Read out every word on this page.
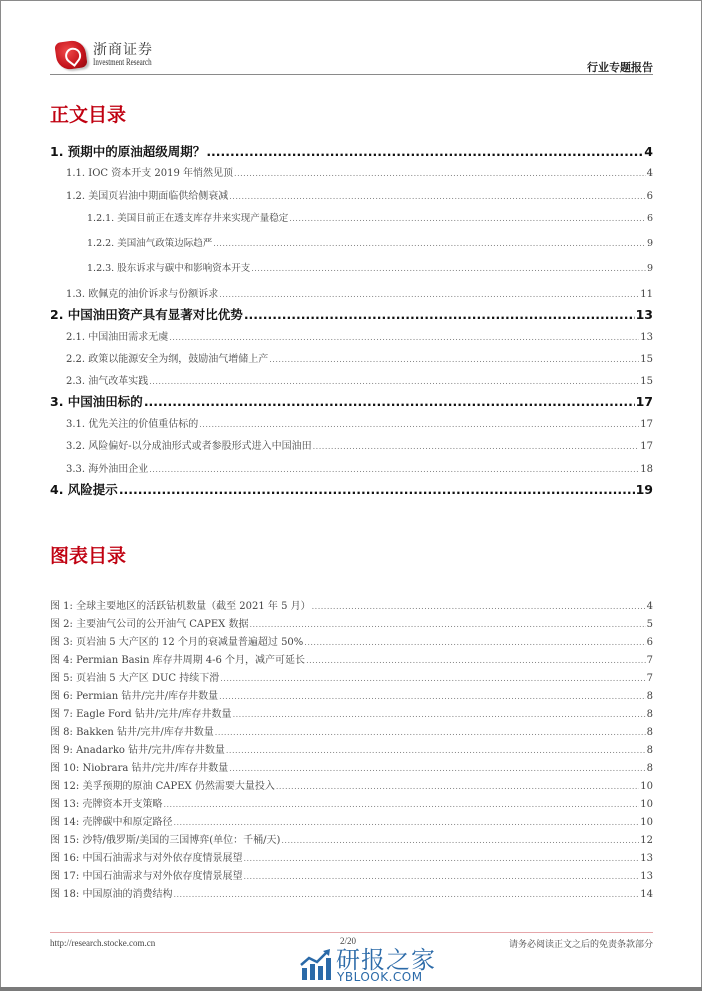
浙商证券
Investment Research	行业专题报告
正文目录
1. 预期中的原油超级周期？ .....	4
1.1. IOC 资本开支 2019 年悄然见顶 .....	4
1.2. 美国页岩油中期面临供给侧衰减 .....	6
1.2.1. 美国目前正在透支库存井来实现产量稳定 .....	6
1.2.2. 美国油气政策边际趋严 .....	9
1.2.3. 股东诉求与碳中和影响资本开支 .....	9
1.3. 欧佩克的油价诉求与份额诉求 .....	11
2. 中国油田资产具有显著对比优势 .....	13
2.1. 中国油田需求无虞 .....	13
2.2. 政策以能源安全为纲，鼓励油气增储上产 .....	15
2.3. 油气改革实践 .....	15
3. 中国油田标的 .....	17
3.1. 优先关注的价值重估标的 .....	17
3.2. 风险偏好-以分成油形式或者参股形式进入中国油田 .....	17
3.3. 海外油田企业 .....	18
4. 风险提示 .....	19
图表目录
图 1: 全球主要地区的活跃钻机数量（截至 2021 年 5 月） .....	4
图 2: 主要油气公司的公开油气 CAPEX 数据 .....	5
图 3: 页岩油 5 大产区的 12 个月的衰减量普遍超过 50% .....	6
图 4: Permian Basin 库存井周期 4-6 个月，减产可延长 .....	7
图 5: 页岩油 5 大产区 DUC 持续下滑 .....	7
图 6: Permian 钻井/完井/库存井数量 .....	8
图 7: Eagle Ford 钻井/完井/库存井数量 .....	8
图 8: Bakken 钻井/完井/库存井数量 .....	8
图 9: Anadarko 钻井/完井/库存井数量 .....	8
图 10: Niobrara 钻井/完井/库存井数量 .....	8
图 12: 美孚预期的原油 CAPEX 仍然需要大量投入 .....	10
图 13: 壳牌资本开支策略 .....	10
图 14: 壳牌碳中和原定路径 .....	10
图 15: 沙特/俄罗斯/美国的三国博弈(单位：千桶/天) .....	12
图 16: 中国石油需求与对外依存度情景展望 .....	13
图 17: 中国石油需求与对外依存度情景展望 .....	13
图 18: 中国原油的消费结构 .....	14
http://research.stocke.com.cn	2/20	请务必阅读正文之后的免责条款部分
研报之家
YBLOOK.COM
